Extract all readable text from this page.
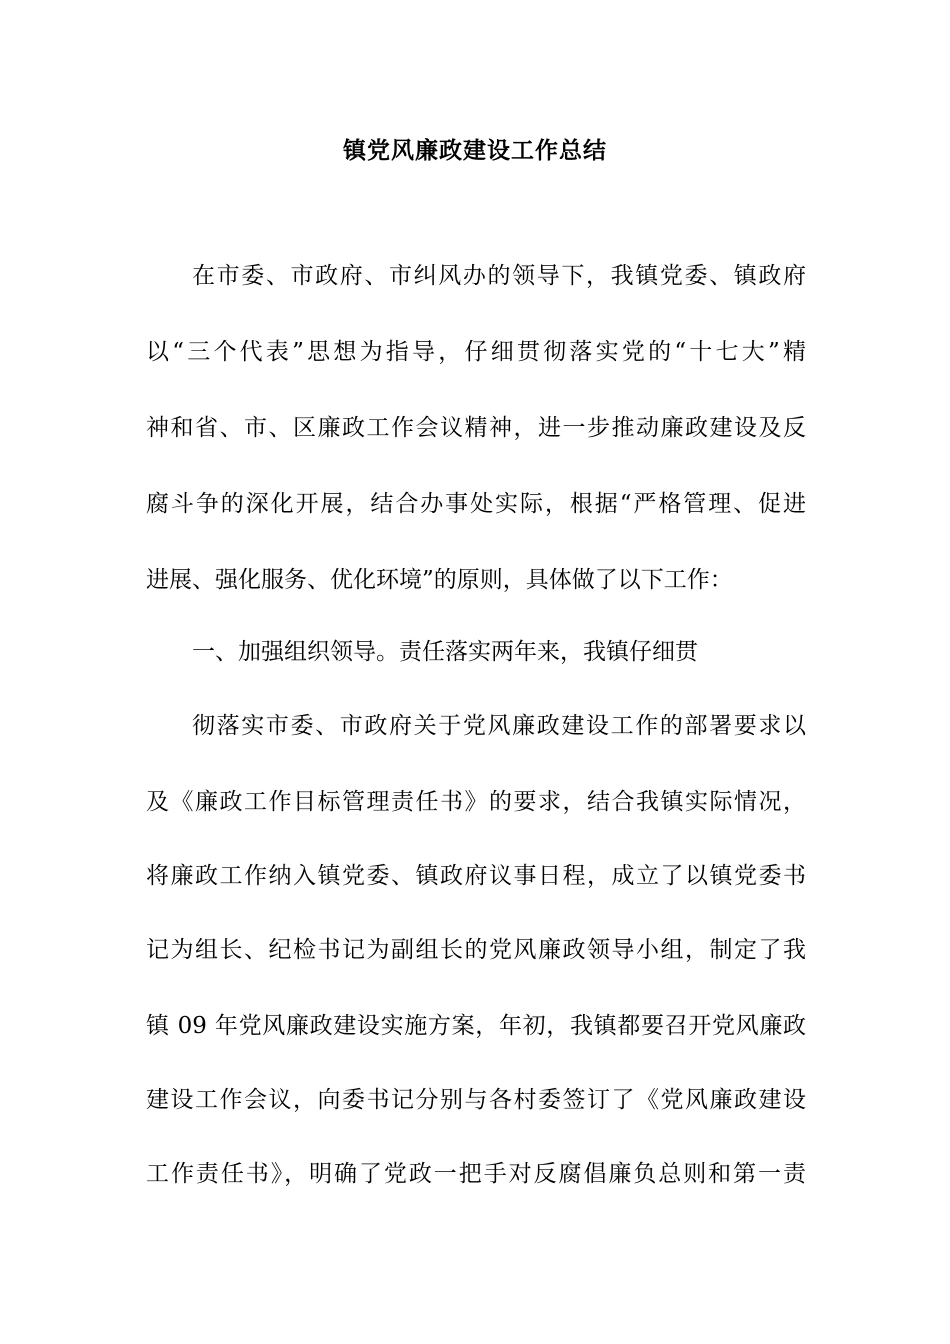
镇党风廉政建设工作总结
在市委、市政府、市纠风办的领导下，我镇党委、镇政府
以“三个代表”思想为指导，仔细贯彻落实党的“十七大”精
神和省、市、区廉政工作会议精神，进一步推动廉政建设及反
腐斗争的深化开展，结合办事处实际，根据“严格管理、促进
进展、强化服务、优化环境”的原则，具体做了以下工作：
一、加强组织领导。责任落实两年来，我镇仔细贯
彻落实市委、市政府关于党风廉政建设工作的部署要求以
及《廉政工作目标管理责任书》的要求，结合我镇实际情况，
将廉政工作纳入镇党委、镇政府议事日程，成立了以镇党委书
记为组长、纪检书记为副组长的党风廉政领导小组，制定了我
镇 09 年党风廉政建设实施方案，年初，我镇都要召开党风廉政
建设工作会议，向委书记分别与各村委签订了《党风廉政建设
工作责任书》，明确了党政一把手对反腐倡廉负总则和第一责
